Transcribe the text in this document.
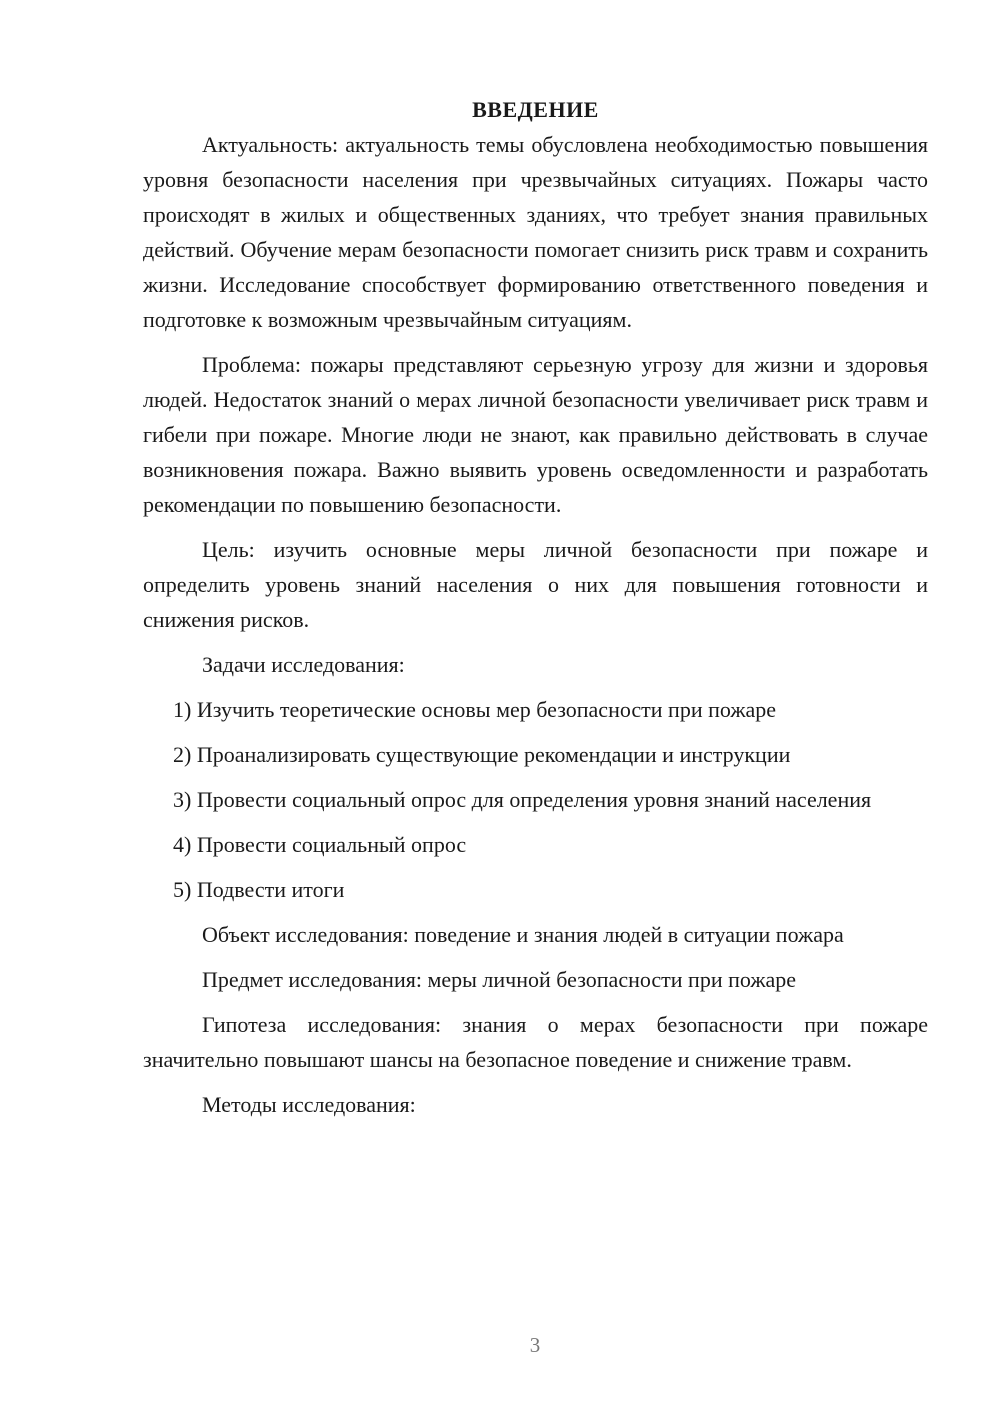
ВВЕДЕНИЕ

Актуальность: актуальность темы обусловлена необходимостью повышения уровня безопасности населения при чрезвычайных ситуациях. Пожары часто происходят в жилых и общественных зданиях, что требует знания правильных действий. Обучение мерам безопасности помогает снизить риск травм и сохранить жизни. Исследование способствует формированию ответственного поведения и подготовке к возможным чрезвычайным ситуациям.

Проблема: пожары представляют серьезную угрозу для жизни и здоровья людей. Недостаток знаний о мерах личной безопасности увеличивает риск травм и гибели при пожаре. Многие люди не знают, как правильно действовать в случае возникновения пожара. Важно выявить уровень осведомленности и разработать рекомендации по повышению безопасности.

Цель: изучить основные меры личной безопасности при пожаре и определить уровень знаний населения о них для повышения готовности и снижения рисков.

Задачи исследования:

1) Изучить теоретические основы мер безопасности при пожаре

2) Проанализировать существующие рекомендации и инструкции

3) Провести социальный опрос для определения уровня знаний населения

4) Провести социальный опрос

5) Подвести итоги

Объект исследования: поведение и знания людей в ситуации пожара

Предмет исследования: меры личной безопасности при пожаре

Гипотеза исследования: знания о мерах безопасности при пожаре значительно повышают шансы на безопасное поведение и снижение травм.

Методы исследования:

3
